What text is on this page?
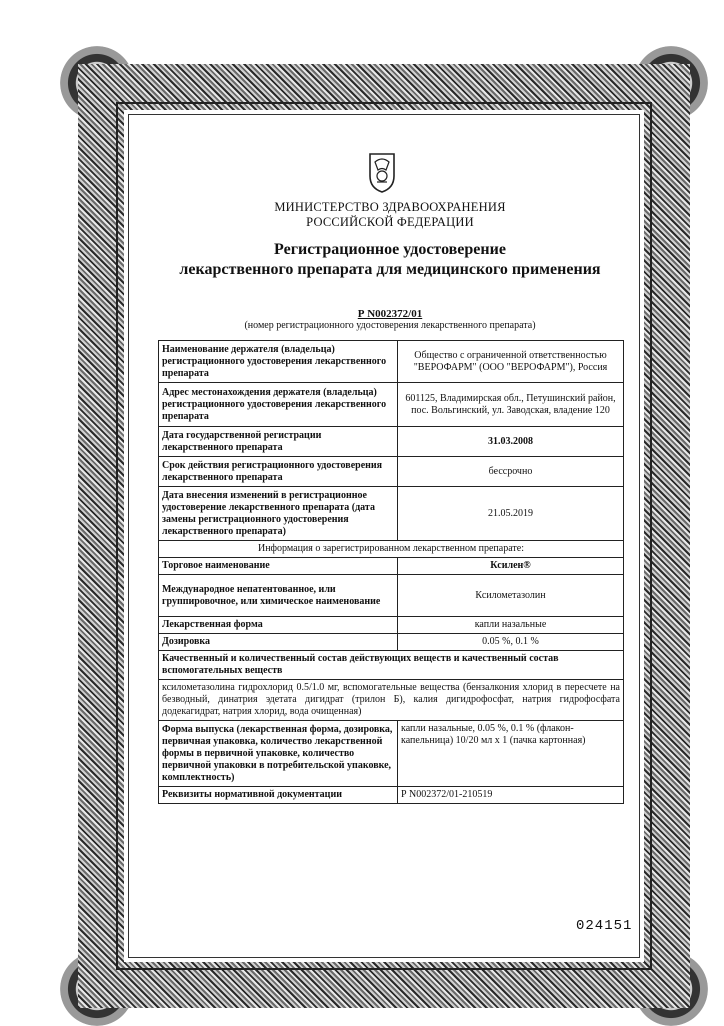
МИНИСТЕРСТВО ЗДРАВООХРАНЕНИЯ
РОССИЙСКОЙ ФЕДЕРАЦИИ
Регистрационное удостоверение
лекарственного препарата для медицинского применения
Р N002372/01
(номер регистрационного удостоверения лекарственного препарата)
Наименование держателя (владельца) регистрационного удостоверения лекарственного препарата	Общество с ограниченной ответственностью "ВЕРОФАРМ" (ООО "ВЕРОФАРМ"), Россия
Адрес местонахождения держателя (владельца) регистрационного удостоверения лекарственного препарата	601125, Владимирская обл., Петушинский район, пос. Вольгинский, ул. Заводская, владение 120
Дата государственной регистрации лекарственного препарата	31.03.2008
Срок действия регистрационного удостоверения лекарственного препарата	бессрочно
Дата внесения изменений в регистрационное удостоверение лекарственного препарата (дата замены регистрационного удостоверения лекарственного препарата)	21.05.2019
Информация о зарегистрированном лекарственном препарате:	
Торговое наименование	Ксилен®
Международное непатентованное, или группировочное, или химическое наименование	Ксилометазолин
Лекарственная форма	капли назальные
Дозировка	0.05 %, 0.1 %
Качественный и количественный состав действующих веществ и качественный состав вспомогательных веществ	
ксилометазолина гидрохлорид 0.5/1.0 мг, вспомогательные вещества (бензалкония хлорид в пересчете на безводный, динатрия эдетата дигидрат (трилон Б), калия дигидрофосфат, натрия гидрофосфата додекагидрат, натрия хлорид, вода очищенная)	
Форма выпуска (лекарственная форма, дозировка, первичная упаковка, количество лекарственной формы в первичной упаковке, количество первичной упаковки в потребительской упаковке, комплектность)	капли назальные, 0.05 %, 0.1 % (флакон-капельница) 10/20 мл х 1 (пачка картонная)
Реквизиты нормативной документации	Р N002372/01-210519
024151
